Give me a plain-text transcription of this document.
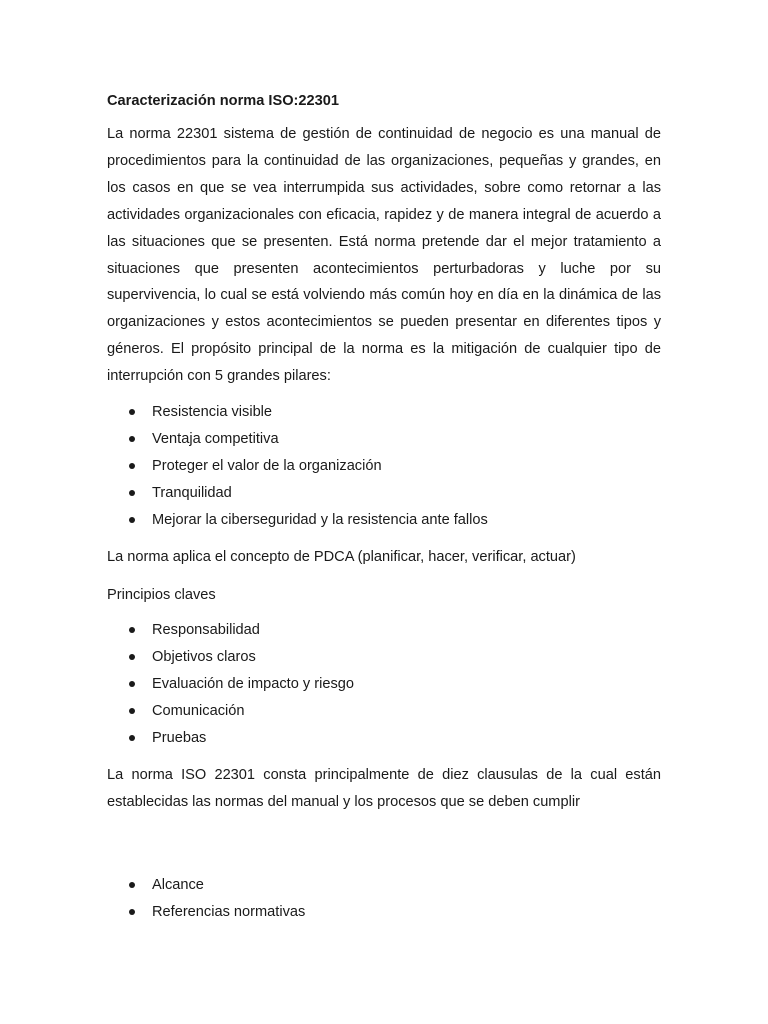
Caracterización norma ISO:22301

La norma 22301 sistema de gestión de continuidad de negocio es una manual de procedimientos para la continuidad de las organizaciones, pequeñas y grandes, en los casos en que se vea interrumpida sus actividades, sobre como retornar a las actividades organizacionales con eficacia, rapidez y de manera integral de acuerdo a las situaciones que se presenten. Está norma pretende dar el mejor tratamiento a situaciones que presenten acontecimientos perturbadoras y luche por su supervivencia, lo cual se está volviendo más común hoy en día en la dinámica de las organizaciones y estos acontecimientos se pueden presentar en diferentes tipos y géneros. El propósito principal de la norma es la mitigación de cualquier tipo de interrupción con 5 grandes pilares:

Resistencia visible
Ventaja competitiva
Proteger el valor de la organización
Tranquilidad
Mejorar la ciberseguridad y la resistencia ante fallos

La norma aplica el concepto de PDCA (planificar, hacer, verificar, actuar)

Principios claves

Responsabilidad
Objetivos claros
Evaluación de impacto y riesgo
Comunicación
Pruebas

La norma ISO 22301 consta principalmente de diez clausulas de la cual están establecidas las normas del manual y los procesos que se deben cumplir

Alcance
Referencias normativas
